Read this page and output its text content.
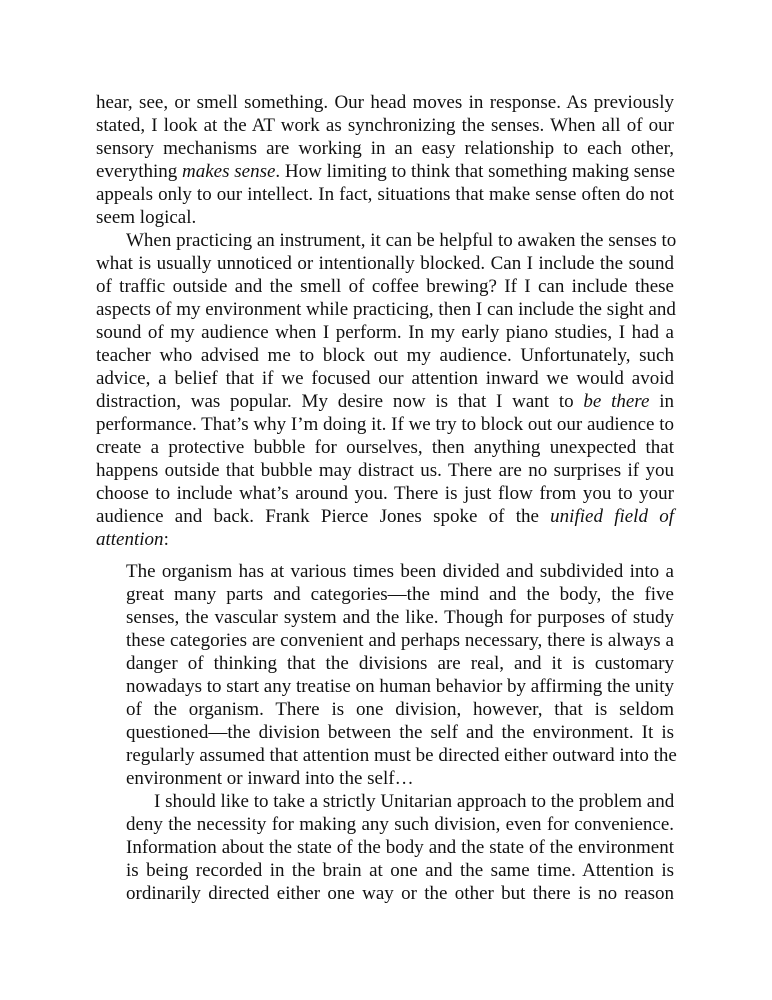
hear, see, or smell something. Our head moves in response. As previously
stated, I look at the AT work as synchronizing the senses. When all of our
sensory mechanisms are working in an easy relationship to each other,
everything makes sense. How limiting to think that something making sense
appeals only to our intellect. In fact, situations that make sense often do not
seem logical.
When practicing an instrument, it can be helpful to awaken the senses to
what is usually unnoticed or intentionally blocked. Can I include the sound
of traffic outside and the smell of coffee brewing? If I can include these
aspects of my environment while practicing, then I can include the sight and
sound of my audience when I perform. In my early piano studies, I had a
teacher who advised me to block out my audience. Unfortunately, such
advice, a belief that if we focused our attention inward we would avoid
distraction, was popular. My desire now is that I want to be there in
performance. That’s why I’m doing it. If we try to block out our audience to
create a protective bubble for ourselves, then anything unexpected that
happens outside that bubble may distract us. There are no surprises if you
choose to include what’s around you. There is just flow from you to your
audience and back. Frank Pierce Jones spoke of the unified field of
attention:
The organism has at various times been divided and subdivided into a
great many parts and categories—the mind and the body, the five
senses, the vascular system and the like. Though for purposes of study
these categories are convenient and perhaps necessary, there is always a
danger of thinking that the divisions are real, and it is customary
nowadays to start any treatise on human behavior by affirming the unity
of the organism. There is one division, however, that is seldom
questioned—the division between the self and the environment. It is
regularly assumed that attention must be directed either outward into the
environment or inward into the self…
I should like to take a strictly Unitarian approach to the problem and
deny the necessity for making any such division, even for convenience.
Information about the state of the body and the state of the environment
is being recorded in the brain at one and the same time. Attention is
ordinarily directed either one way or the other but there is no reason
